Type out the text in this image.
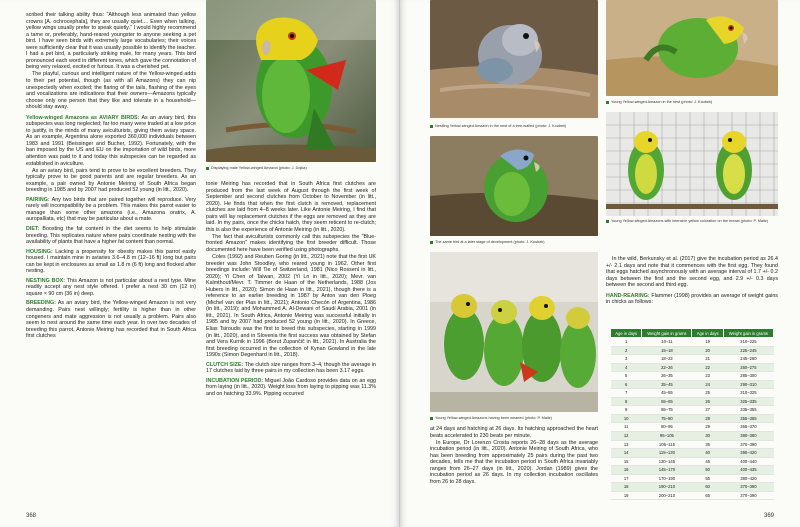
scribed their talking ability thus: "Although less animated than yellow crowns [A. ochrocephala], they are usually quiet.... Even when talking, yellow wings usually prefer to speak quietly." I would highly recommend a tame or, preferably, hand-reared youngster to anyone seeking a pet bird. I have seen birds with extremely large vocabularies; their voices were sufficiently clear that it was usually possible to identify the teacher. I had a pet bird, a particularly striking male, for many years. This bird pronounced each word in different tones, which gave the connotation of being very relaxed, excited or furious. It was a cherished pet.

The playful, curious and intelligent nature of the Yellow-winged adds to their pet potential, though (as with all Amazons) they can nip unexpectedly when excited; the flaring of the tails, flashing of the eyes and vocalizations are indications that their owners—Amazons typically choose only one person that they like and tolerate in a household—should stay away.

Yellow-winged Amazons as AVIARY BIRDS: As an aviary bird, this subspecies was long neglected; far too many were traded at a low price to justify, in the minds of many aviculturists, giving them aviary space. As an example, Argentina alone exported 360,000 individuals between 1983 and 1991 (Beissinger and Bucher, 1992). Fortunately, with the ban imposed by the US and EU on the importation of wild birds, more attention was paid to it and today this subspecies can be regarded as established in aviculture.

As an aviary bird, pairs tend to prove to be excellent breeders. They typically prove to be good parents and are regular breeders. As an example, a pair owned by Antonie Meiring of South Africa began breeding in 1985 and by 2007 had produced 52 young (in litt., 2020).

PAIRING: Any two birds that are paired together will reproduce. Very rarely will incompatibility be a problem. This makes this parrot easier to manage than some other amazons (i.e., Amazona oratrix, A. auropalliata, etc) that may be particular about a mate.

DIET: Boosting the fat content in the diet seems to help stimulate breeding. This replicates nature where pairs coordinate nesting with the availability of plants that have a higher fat content than normal.

HOUSING: Lacking a propensity for obesity makes this parrot easily housed. I maintain mine in aviaries 3.6–4.8 m (12–16 ft) long but pairs can be kept in enclosures as small as 1.8 m (6 ft) long and flocked after nesting.

NESTING BOX: This Amazon is not particular about a nest type. Mine readily accept any nest style offered. I prefer a nest 30 cm (12 in) square × 90 cm (36 in) deep.

BREEDING: As an aviary bird, the Yellow-winged Amazon is not very demanding. Pairs nest willingly; fertility is higher than in other congeners and mate aggression is not usually a problem. Pairs also seem to nest around the same time each year. In over two decades of breeding this parrot, Antonie Meiring has recorded that in South Africa first clutches

Displaying male Yellow-winged Amazon (photo: J. Dojka)

tonie Meiring has recorded that in South Africa first clutches are produced from the last week of August through the first week of September and second clutches from October to November (in litt., 2020). He finds that when the first clutch is removed, replacement clutches are laid from 4–8 weeks later. Like Antonie Meiring, I find that pairs will lay replacement clutches if the eggs are removed as they are laid. In my pairs, once the chicks hatch, they seem reticent to re-clutch; this is also the experience of Antonie Meiring (in litt., 2020).

The fact that aviculturists commonly call this subspecies the "Blue-fronted Amazon" makes identifying the first breeder difficult. Those documented here have been verified using photographs.

Coles (1992) and Reuben Goring (in litt., 2021) note that the first UK breeder was John Stoodley, who reared young in 1962. Other first breedings include: Will Tie of Switzerland, 1981 (Nico Rossenl in litt., 2020); Yi Chen of Taiwan, 2002 (Yi Ln in litt., 2020); Mevr. van Kalmthout/Mevr. T. Timmer de Haan of the Netherlands, 1988 (Jos Hubers in litt., 2020); Simon de Haan in litt., 2021), though there is a reference to an earlier breeding in 1987 by Anton van den Ploeg (Michel van der Plas in litt., 2021); Antonio Checón of Argentina, 1986 (in litt., 2019); and Mohammed A. Al-Dewani of Saudi Arabia, 2001 (in litt., 2021). In South Africa, Antonie Meiring was successful initially in 1985 and by 2007 had produced 52 young (in litt., 2020). In Greece, Elias Tsiroudis was the first to breed this subspecies, starting in 1999 (in litt., 2020), and in Slovenia the first success was obtained by Stefan and Vera Kurnik in 1996 (Borut Zupančič in litt., 2021). In Australia the first breeding occurred in the collection of Kynan Gowland in the late 1990s (Simon Degenhard in litt., 2018).

CLUTCH SIZE: The clutch size ranges from 3–4, though the average in 17 clutches laid by three pairs in my collection has been 3.17 eggs.

INCUBATION PERIOD: Miguel João Cardoso provides data on an egg from laying (in litt., 2020). Weight loss from laying to pipping was 11.3% and on hatching 33.9%. Pipping occurred

368
Nestling Yellow-winged Amazon in the nest of a tree-walled (photo: J. Koubek)
Young Yellow-winged Amazon in the nest (photo: J. Koubek)
Young Yellow-winged Amazons with intensive yellow coloration on the breast (photo: P. Maltz)
The same bird at a later stage of development (photo: J. Koubek)
Young Yellow-winged Amazons having been weaned (photo: P. Maltz)

at 24 days and hatching at 26 days. Its hatching approached the heart beats accelerated to 230 beats per minute.

In Europe, Dr Lorenzo Crosta reports 26–28 days as the average incubation period (in litt., 2020). Antonie Meiring of South Africa, who has been breeding from approximately 25 pairs during the past two decades, tells me that the incubation period in South Africa invariably ranges from 26–27 days (in litt., 2020). Jordan (1989) gives the incubation period as 26 days. In my collection incubation oscillates from 26 to 28 days.

In the wild, Berkunsky et al. (2017) give the incubation period as 26.4 +/- 2.1 days and note that it commences with the first egg. They found that eggs hatched asynchronously with an average interval of 1.7 +/- 0.2 days between the first and the second egg, and 2.9 +/- 0.3 days between the second and third egg.

HAND-REARING: Flammer (1998) provides an average of weight gains in chicks as follows:

Age in days	Weight gain in grams	Age in days	Weight gain in grams
1	10–11	19	210–225
2	15–18	20	225–245
3	18–22	21	245–260
4	22–26	22	260–275
5	26–35	23	285–300
6	35–45	24	290–310
7	45–55	25	310–325
8	55–65	26	325–335
9	65–75	27	335–355
10	75–80	28	355–365
11	80–95	29	365–370
12	95–105	30	380–380
13	105–115	35	370–390
14	115–130	40	390–420
15	130–145	45	400–440
16	145–170	50	400–435
17	170–190	55	380–420
18	190–210	60	370–390
19	200–210	65	370–390
369
